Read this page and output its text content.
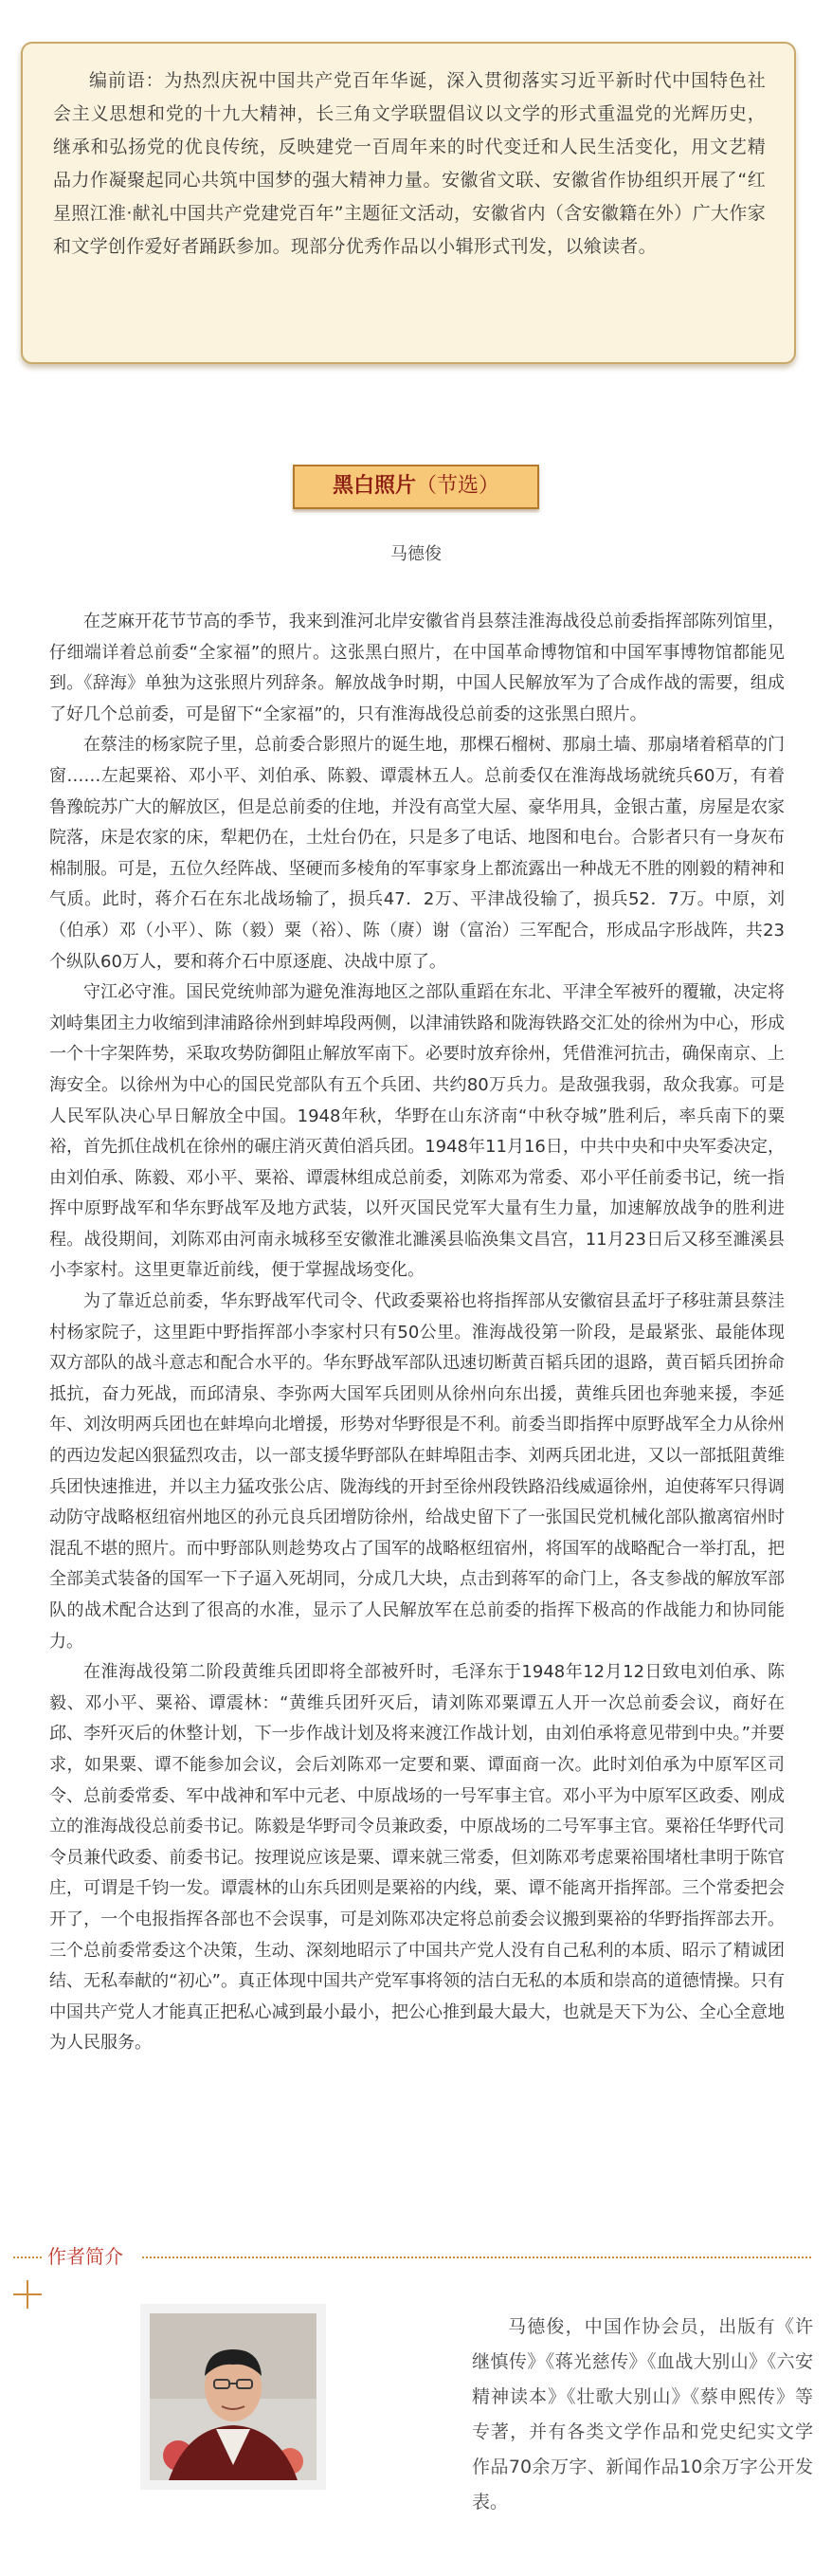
编前语：为热烈庆祝中国共产党百年华诞，深入贯彻落实习近平新时代中国特色社会主义思想和党的十九大精神，长三角文学联盟倡议以文学的形式重温党的光辉历史，继承和弘扬党的优良传统，反映建党一百周年来的时代变迁和人民生活变化，用文艺精品力作凝聚起同心共筑中国梦的强大精神力量。安徽省文联、安徽省作协组织开展了“红星照江淮·献礼中国共产党建党百年”主题征文活动，安徽省内（含安徽籍在外）广大作家和文学创作爱好者踊跃参加。现部分优秀作品以小辑形式刊发，以飨读者。

黑白照片（节选）
马德俊

在芝麻开花节节高的季节，我来到淮河北岸安徽省肖县蔡洼淮海战役总前委指挥部陈列馆里，仔细端详着总前委“全家福”的照片。这张黑白照片，在中国革命博物馆和中国军事博物馆都能见到。《辞海》单独为这张照片列辞条。解放战争时期，中国人民解放军为了合成作战的需要，组成了好几个总前委，可是留下“全家福”的，只有淮海战役总前委的这张黑白照片。

在蔡洼的杨家院子里，总前委合影照片的诞生地，那棵石榴树、那扇土墙、那扇堵着稻草的门窗……左起粟裕、邓小平、刘伯承、陈毅、谭震林五人。总前委仅在淮海战场就统兵60万，有着鲁豫皖苏广大的解放区，但是总前委的住地，并没有高堂大屋、豪华用具，金银古董，房屋是农家院落，床是农家的床，犁耙仍在，土灶台仍在，只是多了电话、地图和电台。合影者只有一身灰布棉制服。可是，五位久经阵战、坚硬而多棱角的军事家身上都流露出一种战无不胜的刚毅的精神和气质。此时，蒋介石在东北战场输了，损兵47．2万、平津战役输了，损兵52．7万。中原，刘（伯承）邓（小平）、陈（毅）粟（裕）、陈（赓）谢（富治）三军配合，形成品字形战阵，共23个纵队60万人，要和蒋介石中原逐鹿、决战中原了。

守江必守淮。国民党统帅部为避免淮海地区之部队重蹈在东北、平津全军被歼的覆辙，决定将刘峙集团主力收缩到津浦路徐州到蚌埠段两侧，以津浦铁路和陇海铁路交汇处的徐州为中心，形成一个十字架阵势，采取攻势防御阻止解放军南下。必要时放弃徐州，凭借淮河抗击，确保南京、上海安全。以徐州为中心的国民党部队有五个兵团、共约80万兵力。是敌强我弱，敌众我寡。可是人民军队决心早日解放全中国。1948年秋，华野在山东济南“中秋夺城”胜利后，率兵南下的粟裕，首先抓住战机在徐州的碾庄消灭黄伯滔兵团。1948年11月16日，中共中央和中央军委决定，由刘伯承、陈毅、邓小平、粟裕、谭震林组成总前委，刘陈邓为常委、邓小平任前委书记，统一指挥中原野战军和华东野战军及地方武装，以歼灭国民党军大量有生力量，加速解放战争的胜利进程。战役期间，刘陈邓由河南永城移至安徽淮北濉溪县临涣集文昌宫，11月23日后又移至濉溪县小李家村。这里更靠近前线，便于掌握战场变化。

为了靠近总前委，华东野战军代司令、代政委粟裕也将指挥部从安徽宿县孟圩子移驻萧县蔡洼村杨家院子，这里距中野指挥部小李家村只有50公里。淮海战役第一阶段，是最紧张、最能体现双方部队的战斗意志和配合水平的。华东野战军部队迅速切断黄百韬兵团的退路，黄百韬兵团拚命抵抗，奋力死战，而邱清泉、李弥两大国军兵团则从徐州向东出援，黄维兵团也奔驰来援，李延年、刘汝明两兵团也在蚌埠向北增援，形势对华野很是不利。前委当即指挥中原野战军全力从徐州的西边发起凶狠猛烈攻击，以一部支援华野部队在蚌埠阻击李、刘两兵团北进，又以一部抵阻黄维兵团快速推进，并以主力猛攻张公店、陇海线的开封至徐州段铁路沿线威逼徐州，迫使蒋军只得调动防守战略枢纽宿州地区的孙元良兵团增防徐州，给战史留下了一张国民党机械化部队撤离宿州时混乱不堪的照片。而中野部队则趁势攻占了国军的战略枢纽宿州，将国军的战略配合一举打乱，把全部美式装备的国军一下子逼入死胡同，分成几大块，点击到蒋军的命门上，各支参战的解放军部队的战术配合达到了很高的水准，显示了人民解放军在总前委的指挥下极高的作战能力和协同能力。

在淮海战役第二阶段黄维兵团即将全部被歼时，毛泽东于1948年12月12日致电刘伯承、陈毅、邓小平、粟裕、谭震林：“黄维兵团歼灭后，请刘陈邓粟谭五人开一次总前委会议，商好在邱、李歼灭后的休整计划，下一步作战计划及将来渡江作战计划，由刘伯承将意见带到中央。”并要求，如果粟、谭不能参加会议，会后刘陈邓一定要和粟、谭面商一次。此时刘伯承为中原军区司令、总前委常委、军中战神和军中元老、中原战场的一号军事主官。邓小平为中原军区政委、刚成立的淮海战役总前委书记。陈毅是华野司令员兼政委，中原战场的二号军事主官。粟裕任华野代司令员兼代政委、前委书记。按理说应该是粟、谭来就三常委，但刘陈邓考虑粟裕围堵杜聿明于陈官庄，可谓是千钧一发。谭震林的山东兵团则是粟裕的内线，粟、谭不能离开指挥部。三个常委把会开了，一个电报指挥各部也不会误事，可是刘陈邓决定将总前委会议搬到粟裕的华野指挥部去开。三个总前委常委这个决策，生动、深刻地昭示了中国共产党人没有自己私利的本质、昭示了精诚团结、无私奉献的“初心”。真正体现中国共产党军事将领的洁白无私的本质和崇高的道德情操。只有中国共产党人才能真正把私心减到最小最小，把公心推到最大最大，也就是天下为公、全心全意地为人民服务。

作者简介

马德俊，中国作协会员，出版有《许继慎传》《蒋光慈传》《血战大别山》《六安精神读本》《壮歌大别山》《蔡申熙传》等专著，并有各类文学作品和党史纪实文学作品70余万字、新闻作品10余万字公开发表。
